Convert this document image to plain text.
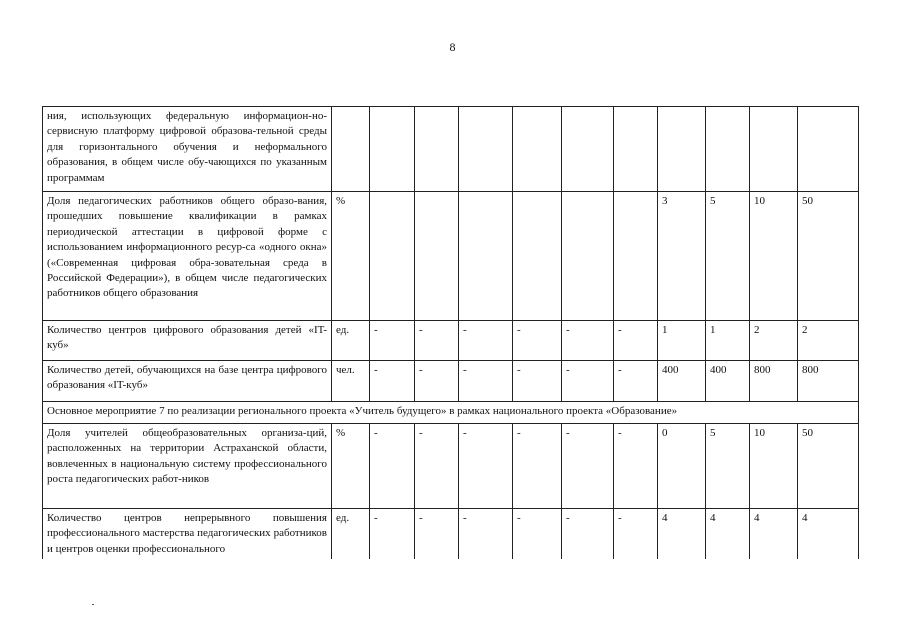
8
ния, использующих федеральную информацион-но-сервисную платформу цифровой образова-тельной среды для горизонтального обучения и неформального образования, в общем числе обу-чающихся по указанным программам											
Доля педагогических работников общего образо-вания, прошедших повышение квалификации в рамках периодической аттестации в цифровой форме с использованием информационного ресур-са «одного окна» («Современная цифровая обра-зовательная среда в Российской Федерации»), в общем числе педагогических работников общего образования	%							3	5	10	50
Количество центров цифрового образования детей «IT-куб»	ед.	-	-	-	-	-	-	1	1	2	2
Количество детей, обучающихся на базе центра цифрового образования «IT-куб»	чел.	-	-	-	-	-	-	400	400	800	800
Основное мероприятие 7 по реализации регионального проекта «Учитель будущего» в рамках национального проекта «Образование»											
Доля учителей общеобразовательных организа-ций, расположенных на территории Астраханской области, вовлеченных в национальную систему профессионального роста педагогических работ-ников	%	-	-	-	-	-	-	0	5	10	50
Количество центров непрерывного повышения профессионального мастерства педагогических работников и центров оценки профессионального	ед.	-	-	-	-	-	-	4	4	4	4
